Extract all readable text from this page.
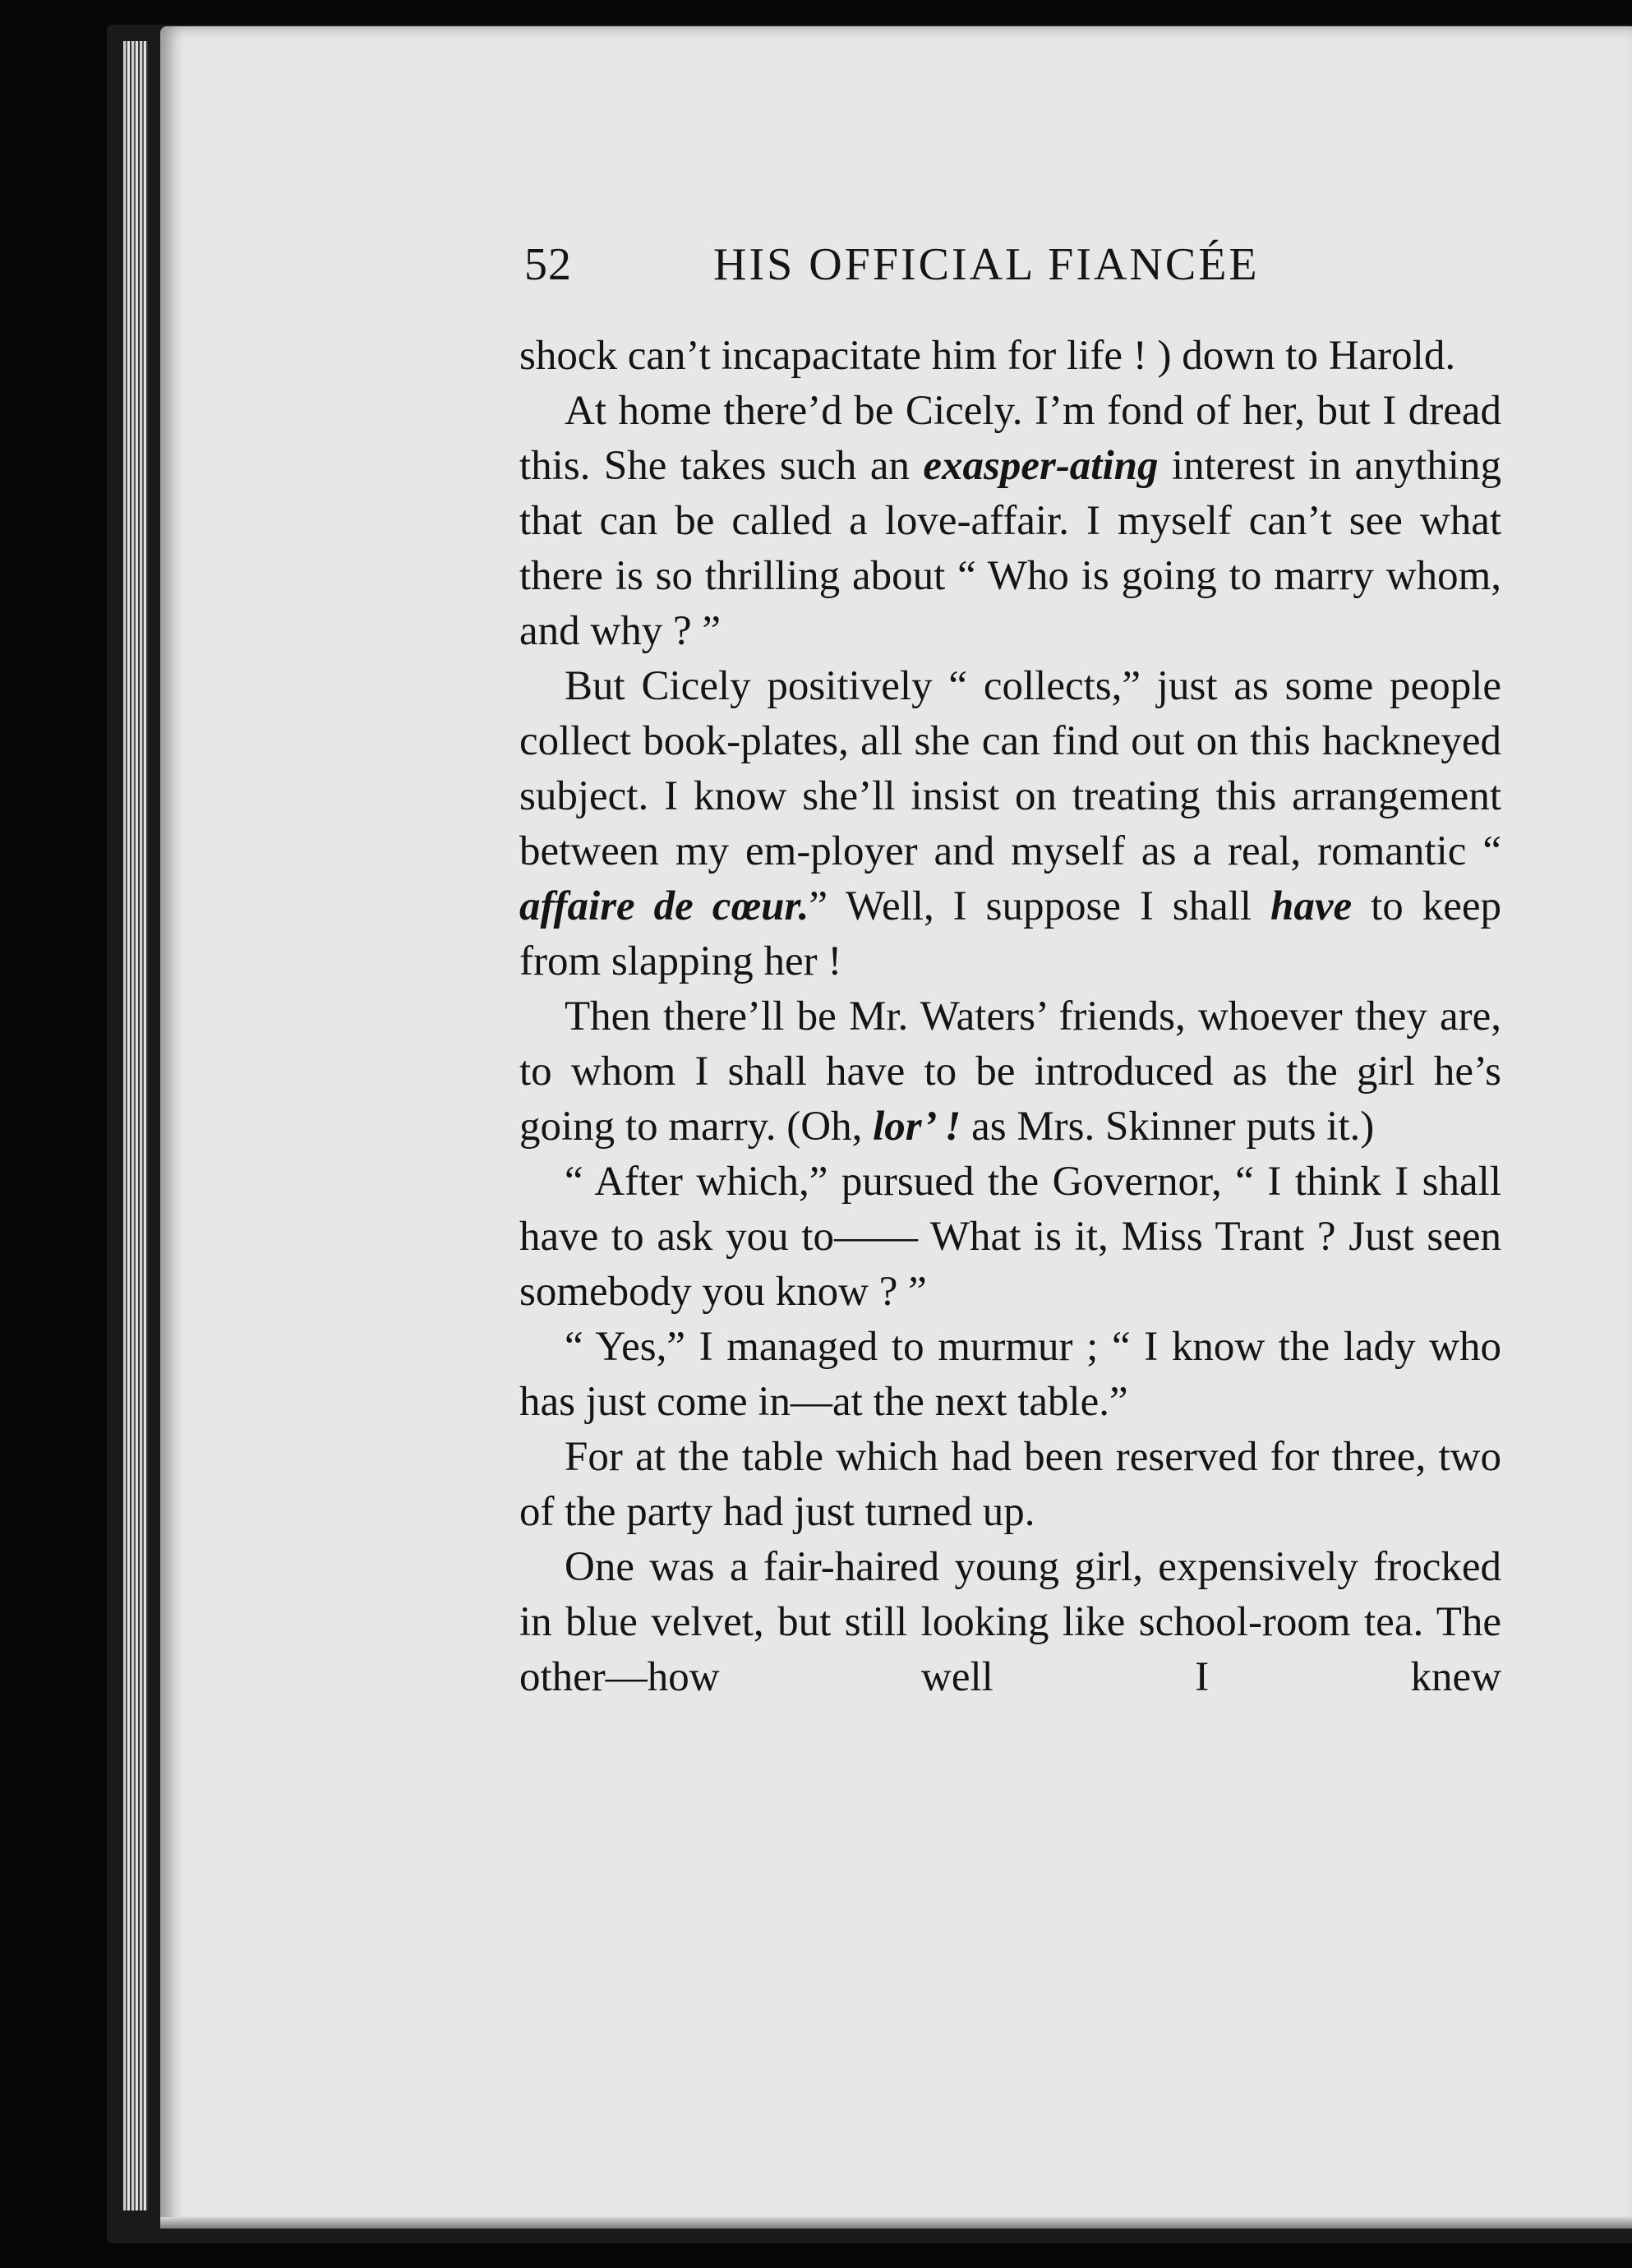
52	HIS OFFICIAL FIANCÉE

shock can’t incapacitate him for life ! ) down to Harold.

At home there’d be Cicely. I’m fond of her, but I dread this. She takes such an exasper-ating interest in anything that can be called a love-affair. I myself can’t see what there is so thrilling about “ Who is going to marry whom, and why ? ”

But Cicely positively “ collects,” just as some people collect book-plates, all she can find out on this hackneyed subject. I know she’ll insist on treating this arrangement between my em-ployer and myself as a real, romantic “ affaire de cœur.” Well, I suppose I shall have to keep from slapping her !

Then there’ll be Mr. Waters’ friends, whoever they are, to whom I shall have to be introduced as the girl he’s going to marry. (Oh, lor’ ! as Mrs. Skinner puts it.)

“ After which,” pursued the Governor, “ I think I shall have to ask you to—— What is it, Miss Trant ? Just seen somebody you know ? ”

“ Yes,” I managed to murmur ; “ I know the lady who has just come in—at the next table.”

For at the table which had been reserved for three, two of the party had just turned up.

One was a fair-haired young girl, expensively frocked in blue velvet, but still looking like school-room tea. The other—how well I knew
